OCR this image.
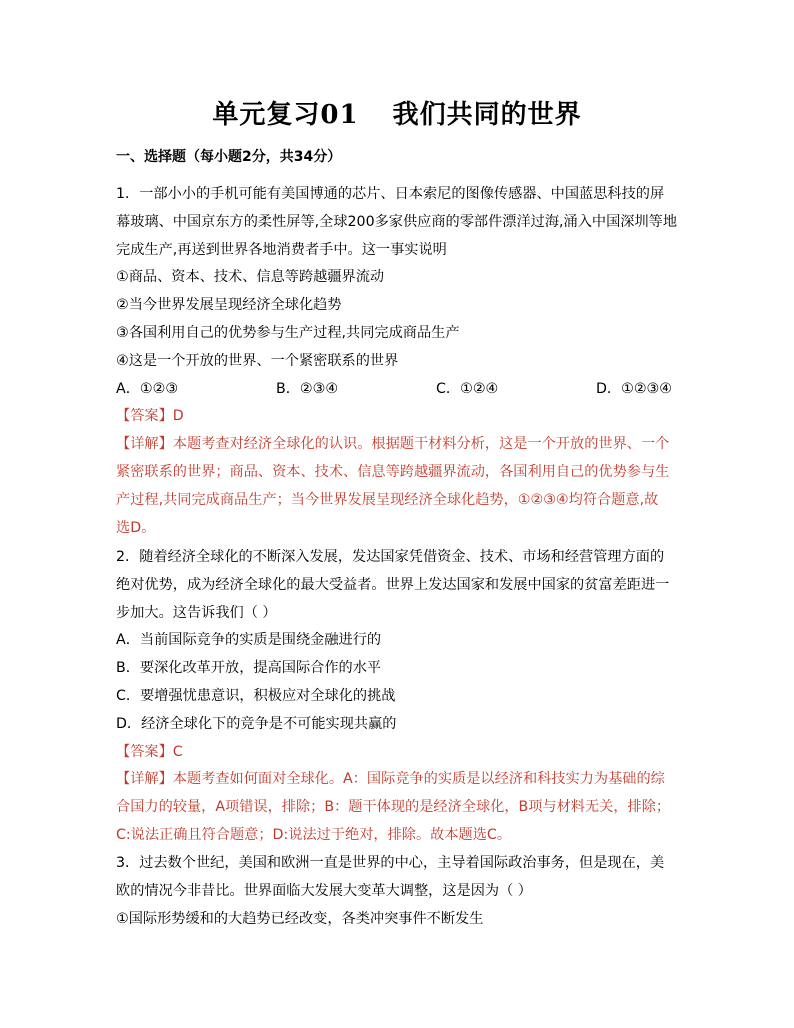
单元复习01 我们共同的世界
一、选择题（每小题2分，共34分）
1．一部小小的手机可能有美国博通的芯片、日本索尼的图像传感器、中国蓝思科技的屏
幕玻璃、中国京东方的柔性屏等,全球200多家供应商的零部件漂洋过海,涌入中国深圳等地
完成生产,再送到世界各地消费者手中。这一事实说明
①商品、资本、技术、信息等跨越疆界流动
②当今世界发展呈现经济全球化趋势
③各国利用自己的优势参与生产过程,共同完成商品生产
④这是一个开放的世界、一个紧密联系的世界
A．①②③	B．②③④	C．①②④	D．①②③④
【答案】D
【详解】本题考查对经济全球化的认识。根据题干材料分析，这是一个开放的世界、一个
紧密联系的世界；商品、资本、技术、信息等跨越疆界流动，各国利用自己的优势参与生
产过程,共同完成商品生产；当今世界发展呈现经济全球化趋势，①②③④均符合题意,故
选D。
2．随着经济全球化的不断深入发展，发达国家凭借资金、技术、市场和经营管理方面的
绝对优势，成为经济全球化的最大受益者。世界上发达国家和发展中国家的贫富差距进一
步加大。这告诉我们（ ）
A．当前国际竞争的实质是围绕金融进行的
B．要深化改革开放，提高国际合作的水平
C．要增强忧患意识，积极应对全球化的挑战
D．经济全球化下的竞争是不可能实现共赢的
【答案】C
【详解】本题考查如何面对全球化。A：国际竞争的实质是以经济和科技实力为基础的综
合国力的较量，A项错误，排除；B：题干体现的是经济全球化，B项与材料无关，排除；
C:说法正确且符合题意；D:说法过于绝对，排除。故本题选C。
3．过去数个世纪，美国和欧洲一直是世界的中心，主导着国际政治事务，但是现在，美
欧的情况今非昔比。世界面临大发展大变革大调整，这是因为（ ）
①国际形势缓和的大趋势已经改变，各类冲突事件不断发生
